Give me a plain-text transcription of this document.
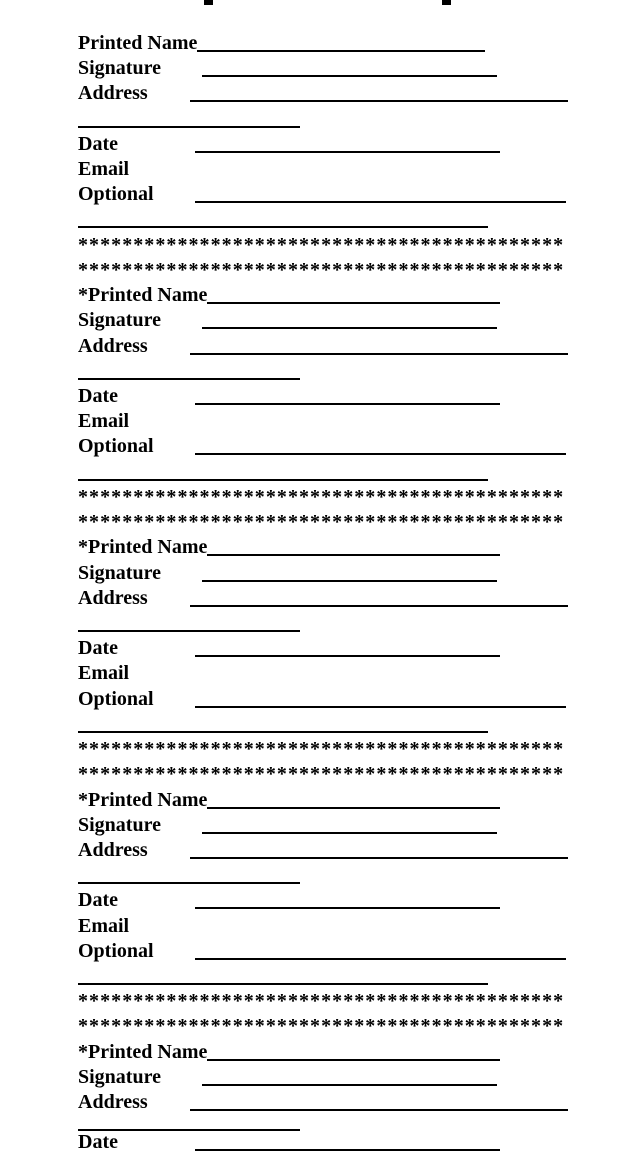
Printed Name
Signature
Address
Date
Email
Optional
********************************************
********************************************
*Printed Name
Signature
Address
Date
Email
Optional
********************************************
********************************************
*Printed Name
Signature
Address
Date
Email
Optional
********************************************
********************************************
*Printed Name
Signature
Address
Date
Email
Optional
********************************************
********************************************
*Printed Name
Signature
Address
Date
